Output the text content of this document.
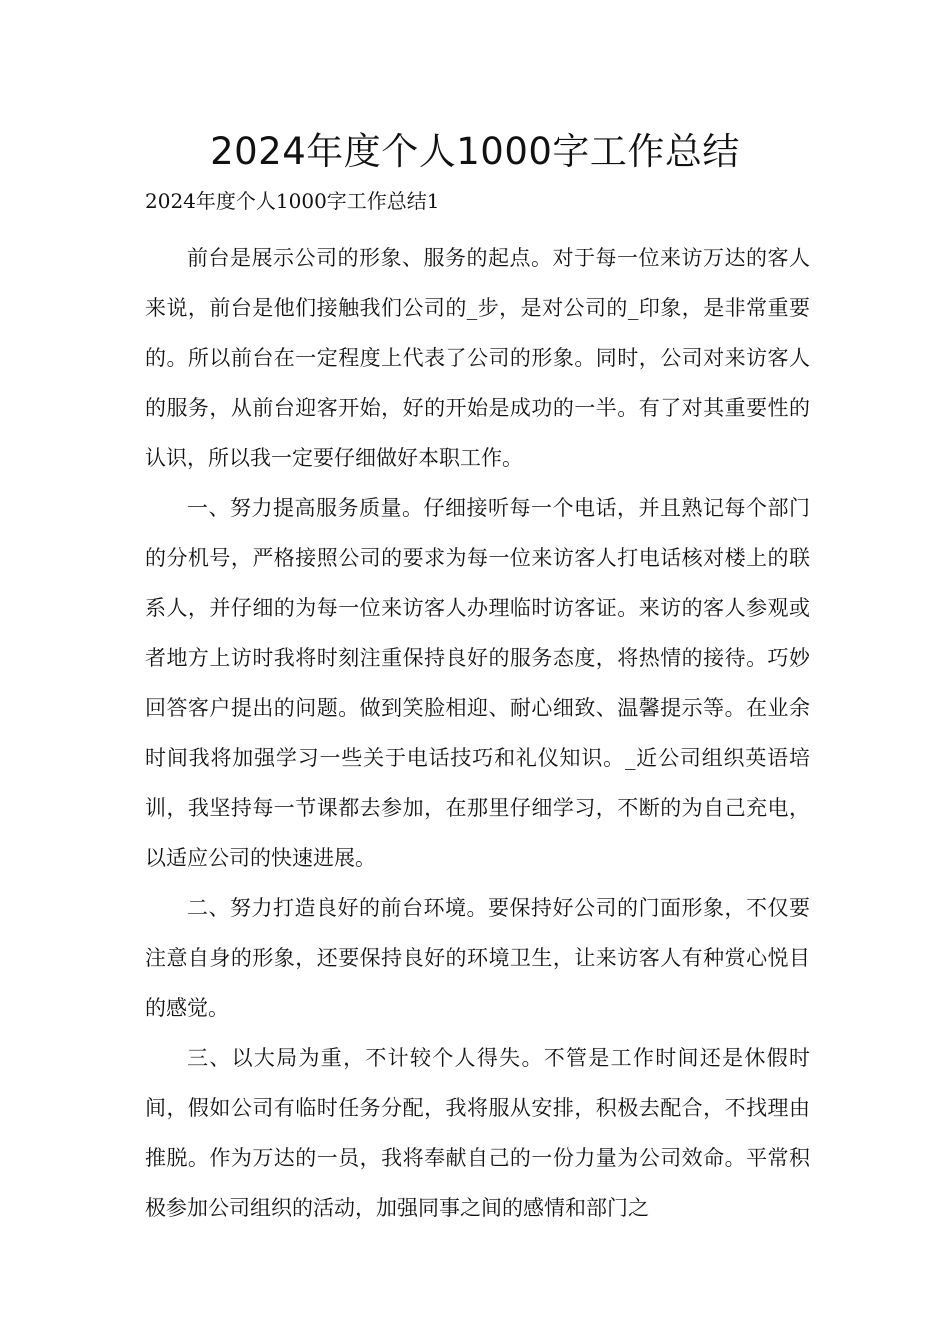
2024年度个人1000字工作总结

2024年度个人1000字工作总结1

前台是展示公司的形象、服务的起点。对于每一位来访万达的客人来说，前台是他们接触我们公司的_步，是对公司的_印象，是非常重要的。所以前台在一定程度上代表了公司的形象。同时，公司对来访客人的服务，从前台迎客开始，好的开始是成功的一半。有了对其重要性的认识，所以我一定要仔细做好本职工作。

一、努力提高服务质量。仔细接听每一个电话，并且熟记每个部门的分机号，严格接照公司的要求为每一位来访客人打电话核对楼上的联系人，并仔细的为每一位来访客人办理临时访客证。来访的客人参观或者地方上访时我将时刻注重保持良好的服务态度，将热情的接待。巧妙回答客户提出的问题。做到笑脸相迎、耐心细致、温馨提示等。在业余时间我将加强学习一些关于电话技巧和礼仪知识。_近公司组织英语培训，我坚持每一节课都去参加，在那里仔细学习，不断的为自己充电，以适应公司的快速进展。

二、努力打造良好的前台环境。要保持好公司的门面形象，不仅要注意自身的形象，还要保持良好的环境卫生，让来访客人有种赏心悦目的感觉。

三、以大局为重，不计较个人得失。不管是工作时间还是休假时间，假如公司有临时任务分配，我将服从安排，积极去配合，不找理由推脱。作为万达的一员，我将奉献自己的一份力量为公司效命。平常积极参加公司组织的活动，加强同事之间的感情和部门之
